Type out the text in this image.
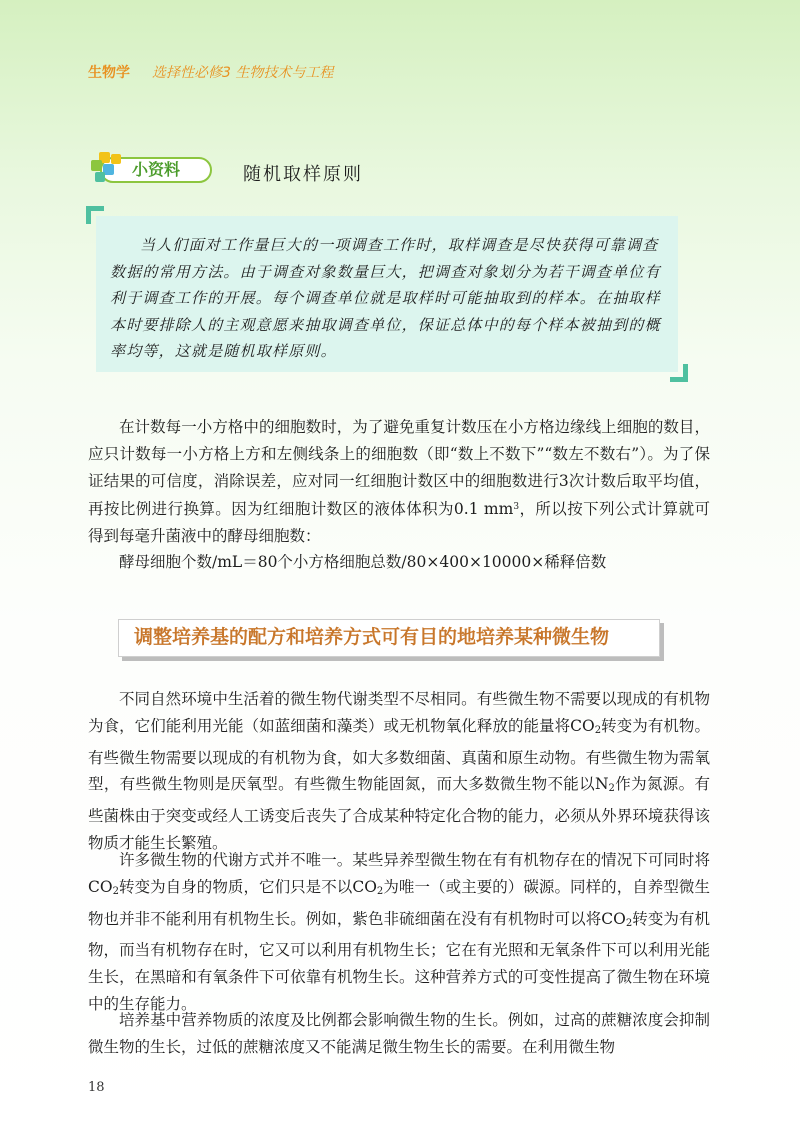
生物学 选择性必修3 生物技术与工程
小资料	随机取样原则

当人们面对工作量巨大的一项调查工作时，取样调查是尽快获得可靠调查数据的常用方法。由于调查对象数量巨大，把调查对象划分为若干调查单位有利于调查工作的开展。每个调查单位就是取样时可能抽取到的样本。在抽取样本时要排除人的主观意愿来抽取调查单位，保证总体中的每个样本被抽到的概率均等，这就是随机取样原则。

在计数每一小方格中的细胞数时，为了避免重复计数压在小方格边缘线上细胞的数目，应只计数每一小方格上方和左侧线条上的细胞数（即“数上不数下”“数左不数右”）。为了保证结果的可信度，消除误差，应对同一红细胞计数区中的细胞数进行3次计数后取平均值，再按比例进行换算。因为红细胞计数区的液体体积为0.1 $mm^3$，所以按下列公式计算就可得到每毫升菌液中的酵母细胞数：

酵母细胞个数/mL＝80个小方格细胞总数/80×400×10000×稀释倍数

调整培养基的配方和培养方式可有目的地培养某种微生物

不同自然环境中生活着的微生物代谢类型不尽相同。有些微生物不需要以现成的有机物为食，它们能利用光能（如蓝细菌和藻类）或无机物氧化释放的能量将$CO_2$转变为有机物。有些微生物需要以现成的有机物为食，如大多数细菌、真菌和原生动物。有些微生物为需氧型，有些微生物则是厌氧型。有些微生物能固氮，而大多数微生物不能以$N_2$作为氮源。有些菌株由于突变或经人工诱变后丧失了合成某种特定化合物的能力，必须从外界环境获得该物质才能生长繁殖。

许多微生物的代谢方式并不唯一。某些异养型微生物在有有机物存在的情况下可同时将$CO_2$转变为自身的物质，它们只是不以$CO_2$为唯一（或主要的）碳源。同样的，自养型微生物也并非不能利用有机物生长。例如，紫色非硫细菌在没有有机物时可以将$CO_2$转变为有机物，而当有机物存在时，它又可以利用有机物生长；它在有光照和无氧条件下可以利用光能生长，在黑暗和有氧条件下可依靠有机物生长。这种营养方式的可变性提高了微生物在环境中的生存能力。

培养基中营养物质的浓度及比例都会影响微生物的生长。例如，过高的蔗糖浓度会抑制微生物的生长，过低的蔗糖浓度又不能满足微生物生长的需要。在利用微生物

18
